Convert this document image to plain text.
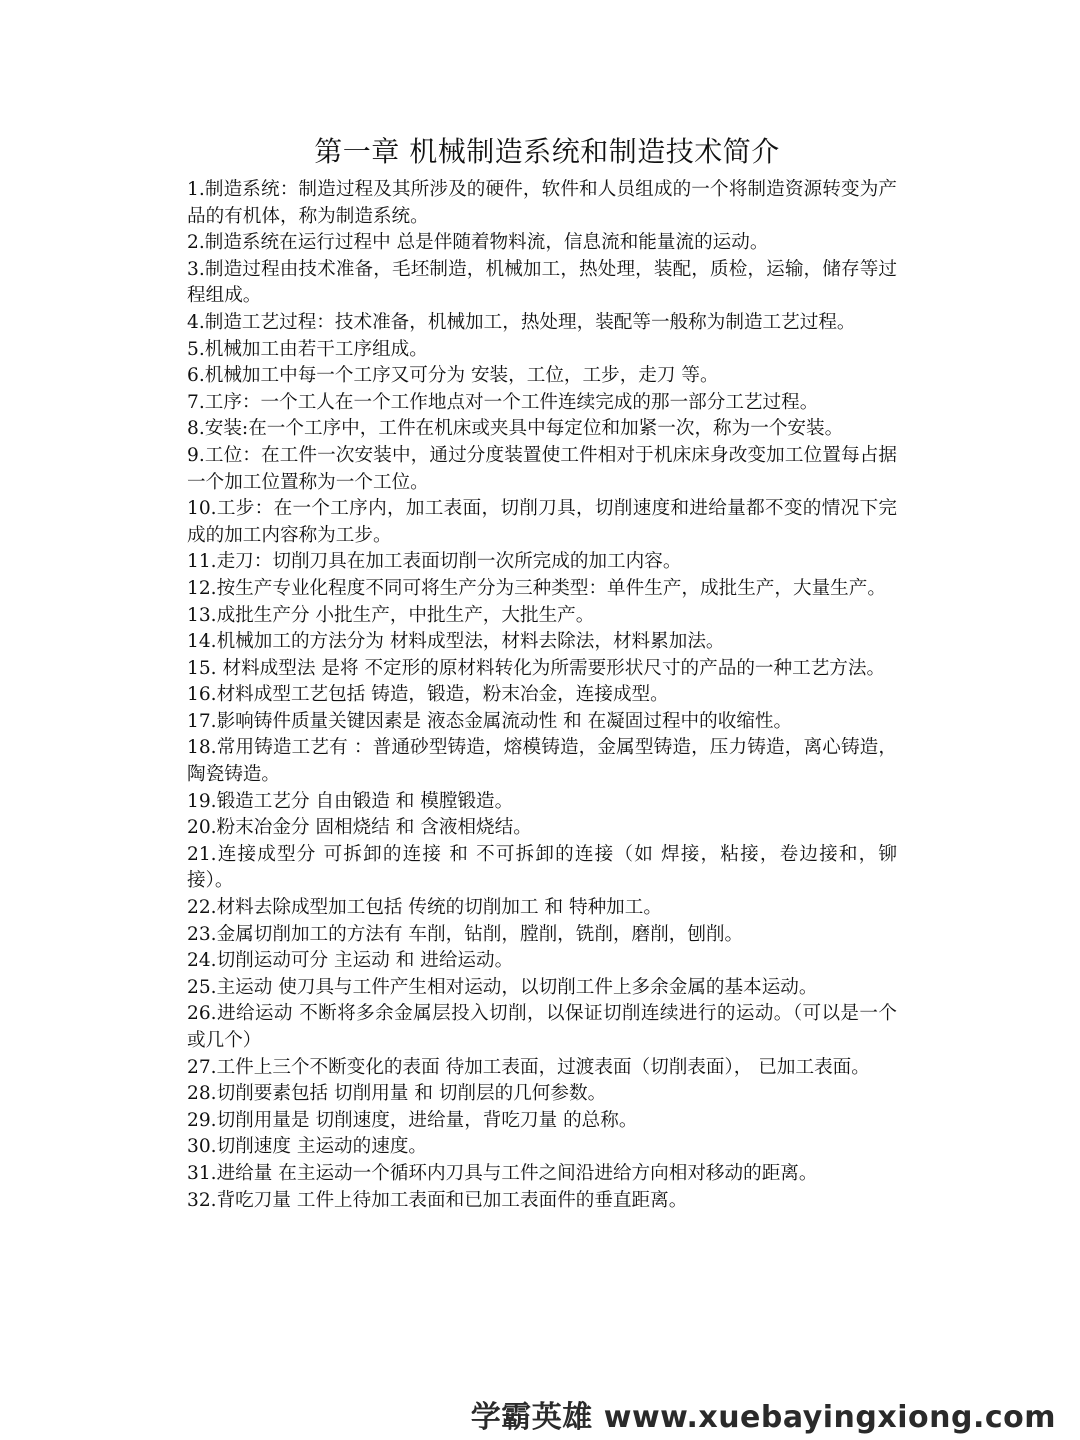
第一章 机械制造系统和制造技术简介
1.制造系统：制造过程及其所涉及的硬件，软件和人员组成的一个将制造资源转变为产品的有机体，称为制造系统。
2.制造系统在运行过程中 总是伴随着物料流，信息流和能量流的运动。
3.制造过程由技术准备，毛坯制造，机械加工，热处理，装配，质检，运输，储存等过程组成。
4.制造工艺过程：技术准备，机械加工，热处理，装配等一般称为制造工艺过程。
5.机械加工由若干工序组成。
6.机械加工中每一个工序又可分为 安装，工位，工步，走刀 等。
7.工序：一个工人在一个工作地点对一个工件连续完成的那一部分工艺过程。
8.安装:在一个工序中，工件在机床或夹具中每定位和加紧一次，称为一个安装。
9.工位：在工件一次安装中，通过分度装置使工件相对于机床床身改变加工位置每占据一个加工位置称为一个工位。
10.工步：在一个工序内，加工表面，切削刀具，切削速度和进给量都不变的情况下完成的加工内容称为工步。
11.走刀：切削刀具在加工表面切削一次所完成的加工内容。
12.按生产专业化程度不同可将生产分为三种类型：单件生产，成批生产，大量生产。
13.成批生产分 小批生产，中批生产，大批生产。
14.机械加工的方法分为 材料成型法，材料去除法，材料累加法。
15. 材料成型法 是将 不定形的原材料转化为所需要形状尺寸的产品的一种工艺方法。
16.材料成型工艺包括 铸造，锻造，粉末冶金，连接成型。
17.影响铸件质量关键因素是 液态金属流动性 和 在凝固过程中的收缩性。
18.常用铸造工艺有 ：普通砂型铸造，熔模铸造，金属型铸造，压力铸造，离心铸造，陶瓷铸造。
19.锻造工艺分 自由锻造 和 模膛锻造。
20.粉末冶金分 固相烧结 和 含液相烧结。
21.连接成型分 可拆卸的连接 和 不可拆卸的连接（如 焊接，粘接，卷边接和，铆接）。
22.材料去除成型加工包括 传统的切削加工 和 特种加工。
23.金属切削加工的方法有 车削，钻削，膛削，铣削，磨削，刨削。
24.切削运动可分 主运动 和 进给运动。
25.主运动 使刀具与工件产生相对运动，以切削工件上多余金属的基本运动。
26.进给运动 不断将多余金属层投入切削，以保证切削连续进行的运动。（可以是一个或几个）
27.工件上三个不断变化的表面 待加工表面，过渡表面（切削表面）， 已加工表面。
28.切削要素包括 切削用量 和 切削层的几何参数。
29.切削用量是 切削速度，进给量，背吃刀量 的总称。
30.切削速度 主运动的速度。
31.进给量 在主运动一个循环内刀具与工件之间沿进给方向相对移动的距离。
32.背吃刀量 工件上待加工表面和已加工表面件的垂直距离。
学霸英雄 www.xuebayingxiong.com
